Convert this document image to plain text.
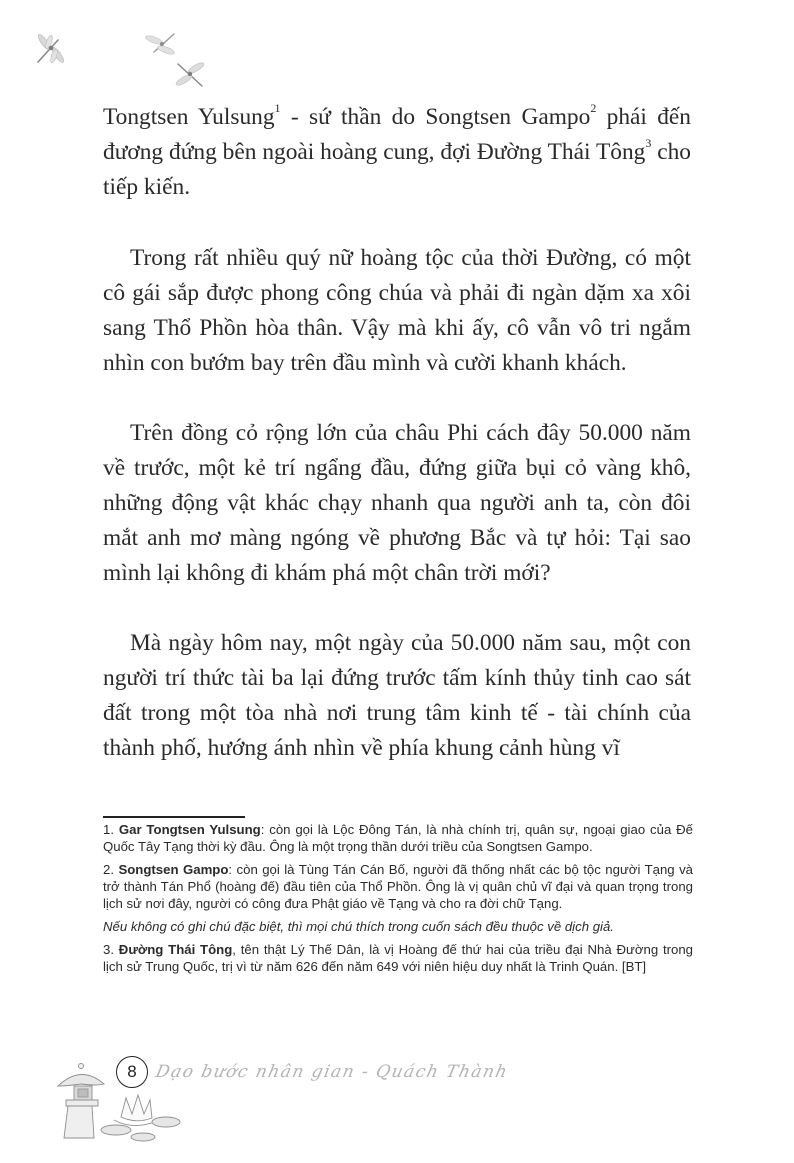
Tongtsen Yulsung$^1$ - sứ thần do Songtsen Gampo$^2$ phái đến đương đứng bên ngoài hoàng cung, đợi Đường Thái Tông$^3$ cho tiếp kiến.

Trong rất nhiều quý nữ hoàng tộc của thời Đường, có một cô gái sắp được phong công chúa và phải đi ngàn dặm xa xôi sang Thổ Phồn hòa thân. Vậy mà khi ấy, cô vẫn vô tri ngắm nhìn con bướm bay trên đầu mình và cười khanh khách.

Trên đồng cỏ rộng lớn của châu Phi cách đây 50.000 năm về trước, một kẻ trí ngẩng đầu, đứng giữa bụi cỏ vàng khô, những động vật khác chạy nhanh qua người anh ta, còn đôi mắt anh mơ màng ngóng về phương Bắc và tự hỏi: Tại sao mình lại không đi khám phá một chân trời mới?

Mà ngày hôm nay, một ngày của 50.000 năm sau, một con người trí thức tài ba lại đứng trước tấm kính thủy tinh cao sát đất trong một tòa nhà nơi trung tâm kinh tế - tài chính của thành phố, hướng ánh nhìn về phía khung cảnh hùng vĩ

1. Gar Tongtsen Yulsung: còn gọi là Lộc Đông Tán, là nhà chính trị, quân sự, ngoại giao của Đế Quốc Tây Tạng thời kỳ đầu. Ông là một trọng thần dưới triều của Songtsen Gampo.

2. Songtsen Gampo: còn gọi là Tùng Tán Cán Bố, người đã thống nhất các bộ tộc người Tạng và trở thành Tán Phổ (hoàng đế) đầu tiên của Thổ Phồn. Ông là vị quân chủ vĩ đại và quan trọng trong lịch sử nơi đây, người có công đưa Phật giáo về Tạng và cho ra đời chữ Tạng.

Nếu không có ghi chú đặc biệt, thì mọi chú thích trong cuốn sách đều thuộc về dịch giả.

3. Đường Thái Tông, tên thật Lý Thế Dân, là vị Hoàng đế thứ hai của triều đại Nhà Đường trong lịch sử Trung Quốc, trị vì từ năm 626 đến năm 649 với niên hiệu duy nhất là Trinh Quán. [BT]

8	Dạo bước nhân gian - Quách Thành
